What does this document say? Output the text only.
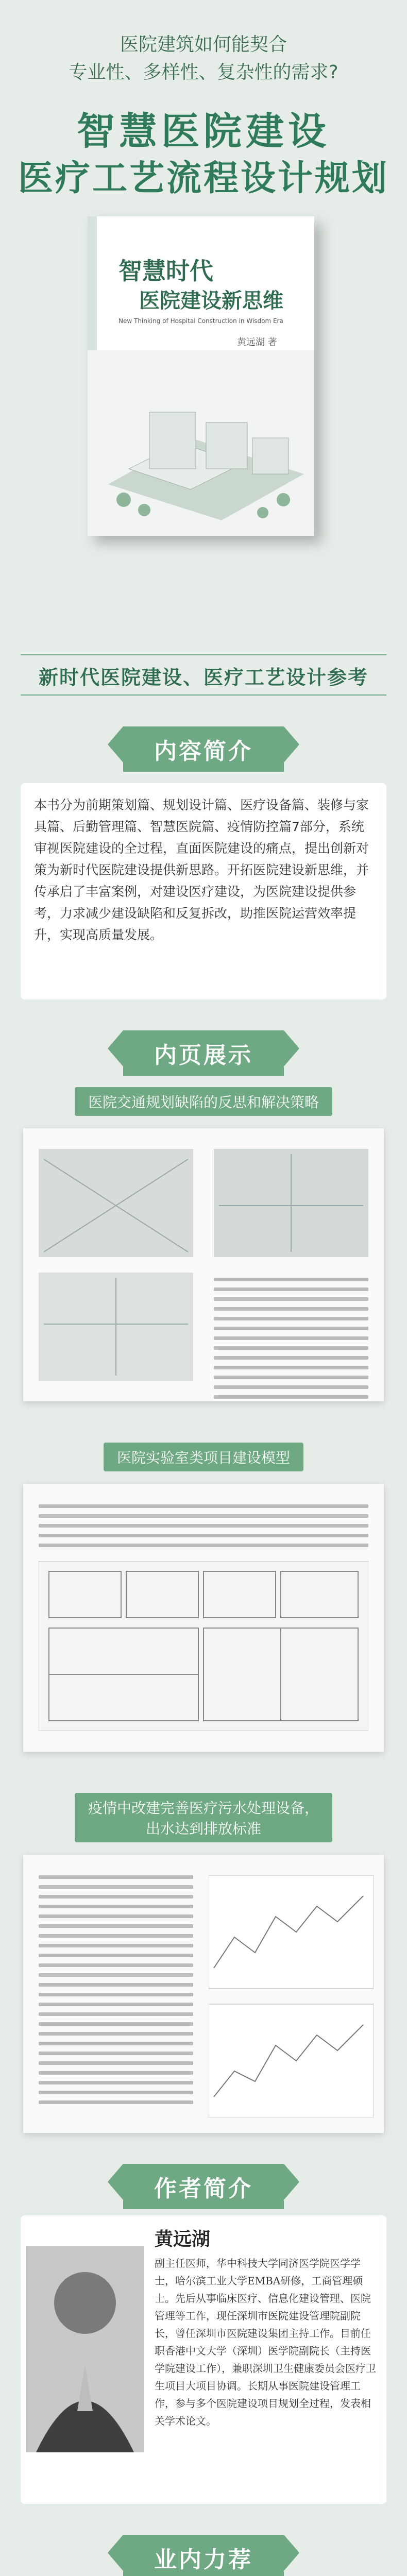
医院建筑如何能契合
专业性、多样性、复杂性的需求?
智慧医院建设
医疗工艺流程设计规划
智慧时代
医院建设新思维
New Thinking of Hospital Construction in Wisdom Era
黄远湖 著
新时代医院建设、医疗工艺设计参考
内容简介
本书分为前期策划篇、规划设计篇、医疗设备篇、装修与家具篇、后勤管理篇、智慧医院篇、疫情防控篇7部分，系统审视医院建设的全过程，直面医院建设的痛点，提出创新对策为新时代医院建设提供新思路。开拓医院建设新思维，并传承启了丰富案例，对建设医疗建设，为医院建设提供参考，力求减少建设缺陷和反复拆改，助推医院运营效率提升，实现高质量发展。
内页展示
医院交通规划缺陷的反思和解决策略
医院实验室类项目建设模型
疫情中改建完善医疗污水处理设备，
出水达到排放标准
作者简介
黄远湖
副主任医师，华中科技大学同济医学院医学学士，哈尔滨工业大学EMBA研修，工商管理硕士。先后从事临床医疗、信息化建设管理、医院管理等工作，现任深圳市医院建设管理院副院长，曾任深圳市医院建设集团主持工作。目前任职香港中文大学（深圳）医学院副院长（主持医学院建设工作），兼职深圳卫生健康委员会医疗卫生项目大项目协调。长期从事医院建设管理工作，参与多个医院建设项目规划全过程，发表相关学术论文。
业内力荐
